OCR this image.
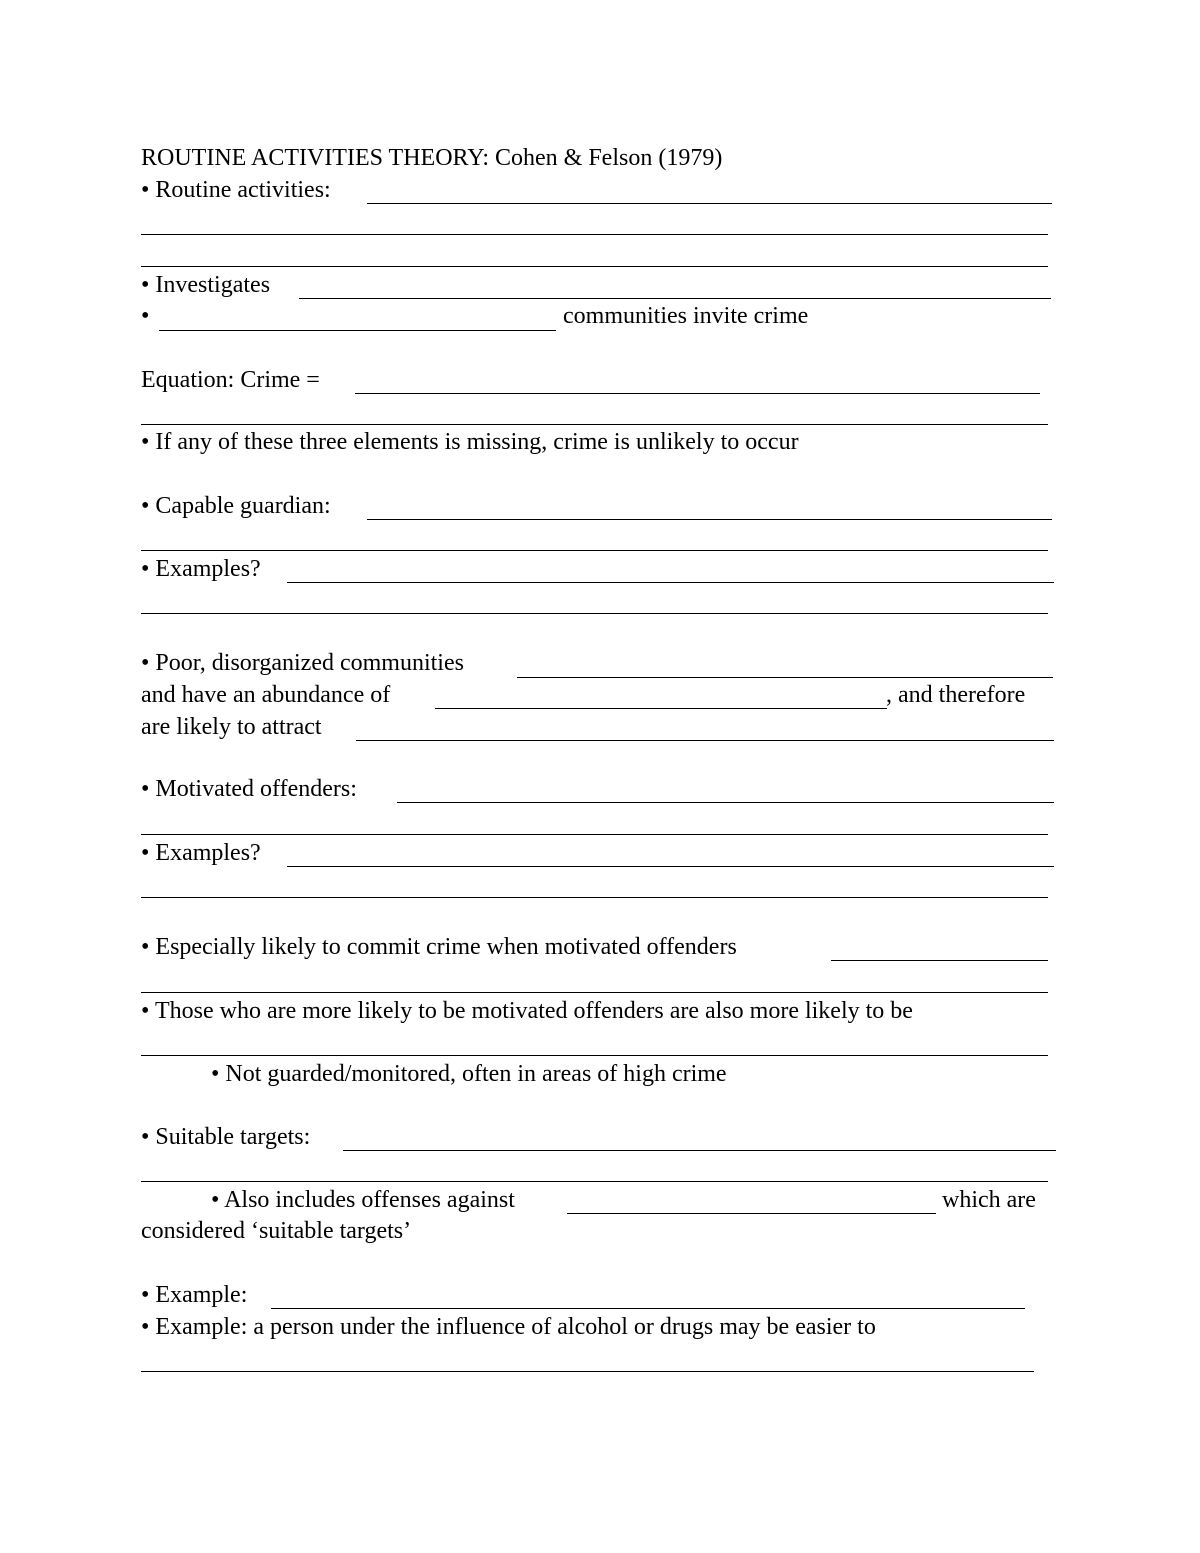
ROUTINE ACTIVITIES THEORY: Cohen & Felson (1979)
• Routine activities:
• Investigates
•	communities invite crime
Equation: Crime =
• If any of these three elements is missing, crime is unlikely to occur
• Capable guardian:
• Examples?
• Poor, disorganized communities
and have an abundance of	, and therefore
are likely to attract
• Motivated offenders:
• Examples?
• Especially likely to commit crime when motivated offenders
• Those who are more likely to be motivated offenders are also more likely to be
• Not guarded/monitored, often in areas of high crime
• Suitable targets:
• Also includes offenses against	which are
considered ‘suitable targets’
• Example:
• Example: a person under the influence of alcohol or drugs may be easier to
